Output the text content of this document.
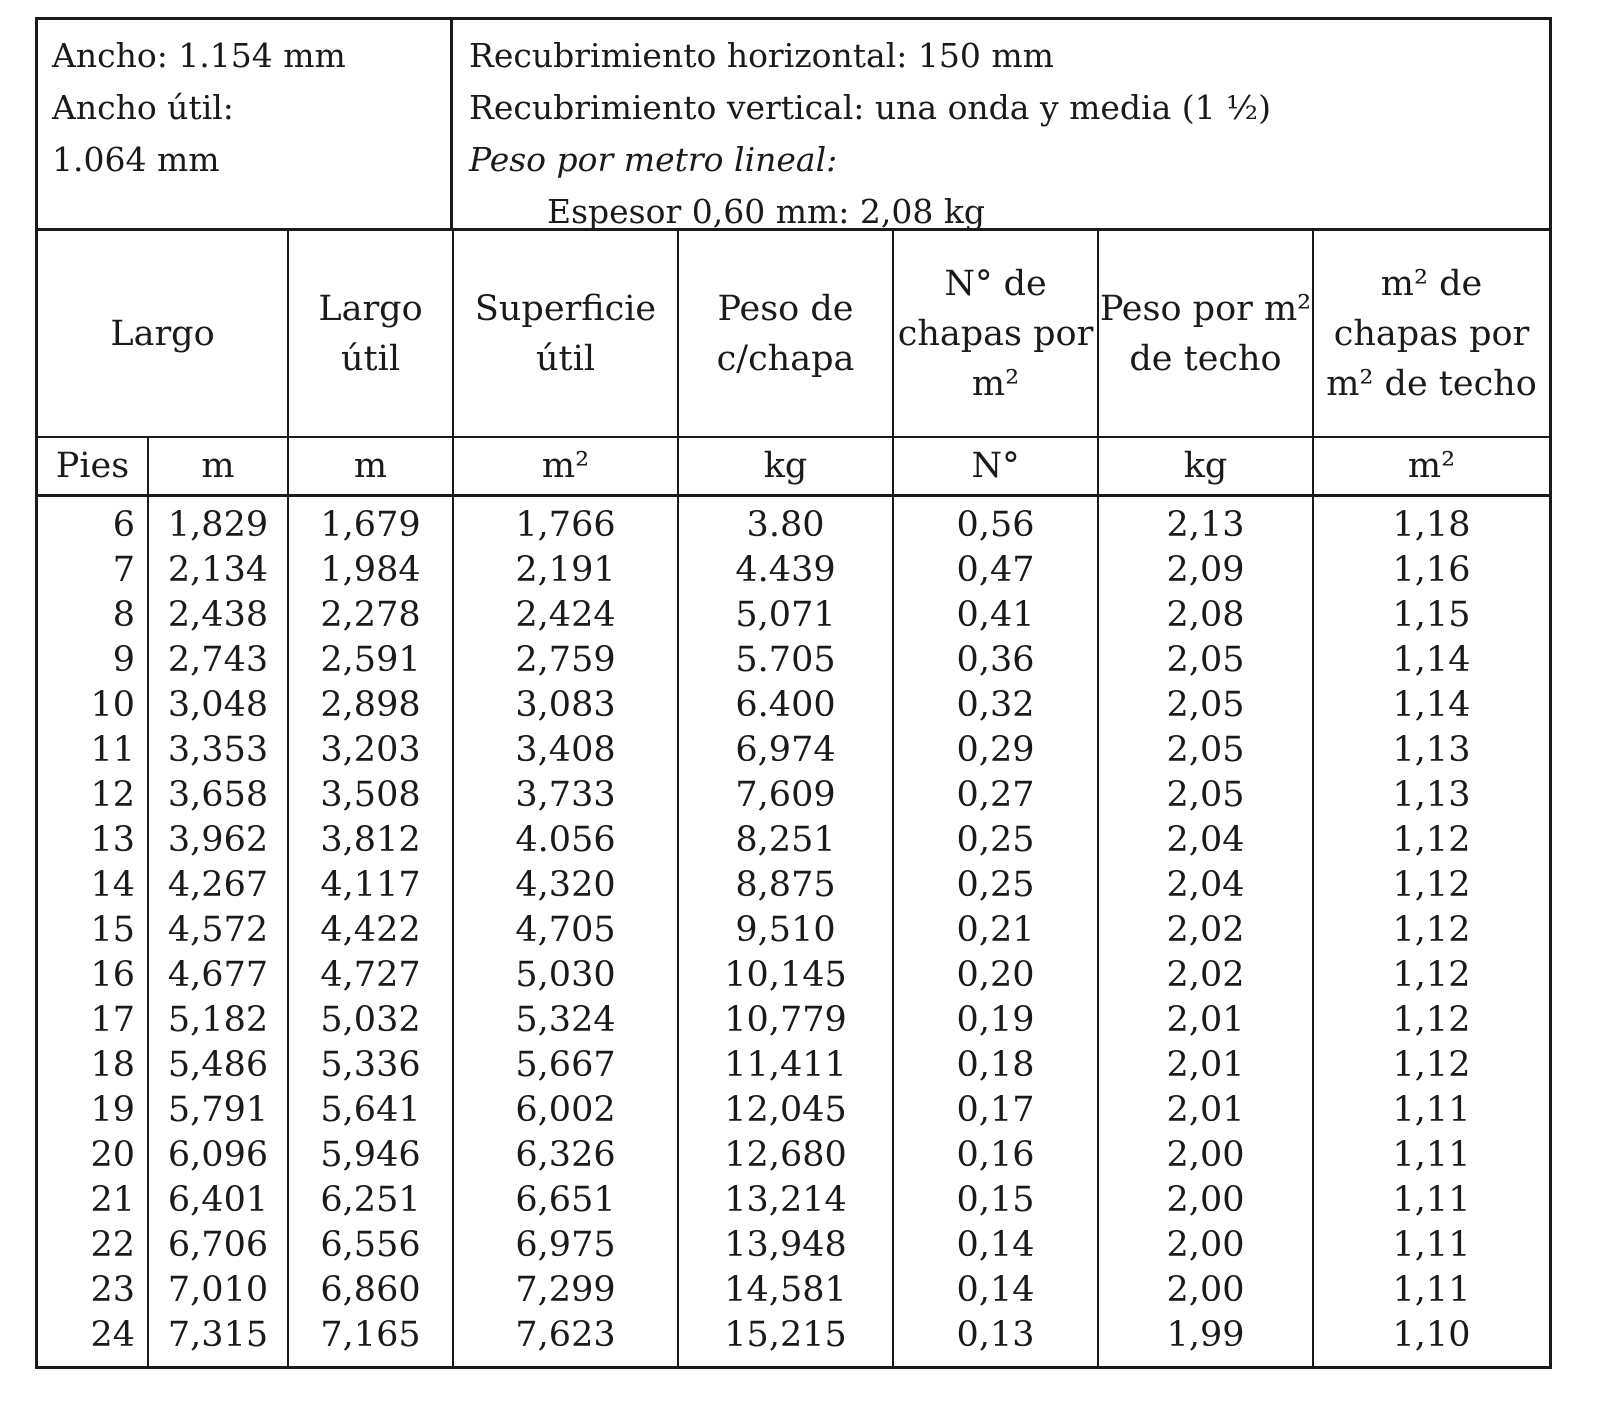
Ancho: 1.154 mm
Ancho útil:
1.064 mm
Recubrimiento horizontal: 150 mm
Recubrimiento vertical: una onda y media (1 ½)
Peso por metro lineal:
Espesor 0,60 mm: 2,08 kg
Largo		Largo útil	Superficie útil	Peso de c/chapa	N° de chapas por m²	Peso por m² de techo	m² de chapas por m² de techo
Pies	m	m	m²	kg	N°	kg	m²
6	1,829	1,679	1,766	3.80	0,56	2,13	1,18
7	2,134	1,984	2,191	4.439	0,47	2,09	1,16
8	2,438	2,278	2,424	5,071	0,41	2,08	1,15
9	2,743	2,591	2,759	5.705	0,36	2,05	1,14
10	3,048	2,898	3,083	6.400	0,32	2,05	1,14
11	3,353	3,203	3,408	6,974	0,29	2,05	1,13
12	3,658	3,508	3,733	7,609	0,27	2,05	1,13
13	3,962	3,812	4.056	8,251	0,25	2,04	1,12
14	4,267	4,117	4,320	8,875	0,25	2,04	1,12
15	4,572	4,422	4,705	9,510	0,21	2,02	1,12
16	4,677	4,727	5,030	10,145	0,20	2,02	1,12
17	5,182	5,032	5,324	10,779	0,19	2,01	1,12
18	5,486	5,336	5,667	11,411	0,18	2,01	1,12
19	5,791	5,641	6,002	12,045	0,17	2,01	1,11
20	6,096	5,946	6,326	12,680	0,16	2,00	1,11
21	6,401	6,251	6,651	13,214	0,15	2,00	1,11
22	6,706	6,556	6,975	13,948	0,14	2,00	1,11
23	7,010	6,860	7,299	14,581	0,14	2,00	1,11
24	7,315	7,165	7,623	15,215	0,13	1,99	1,10
